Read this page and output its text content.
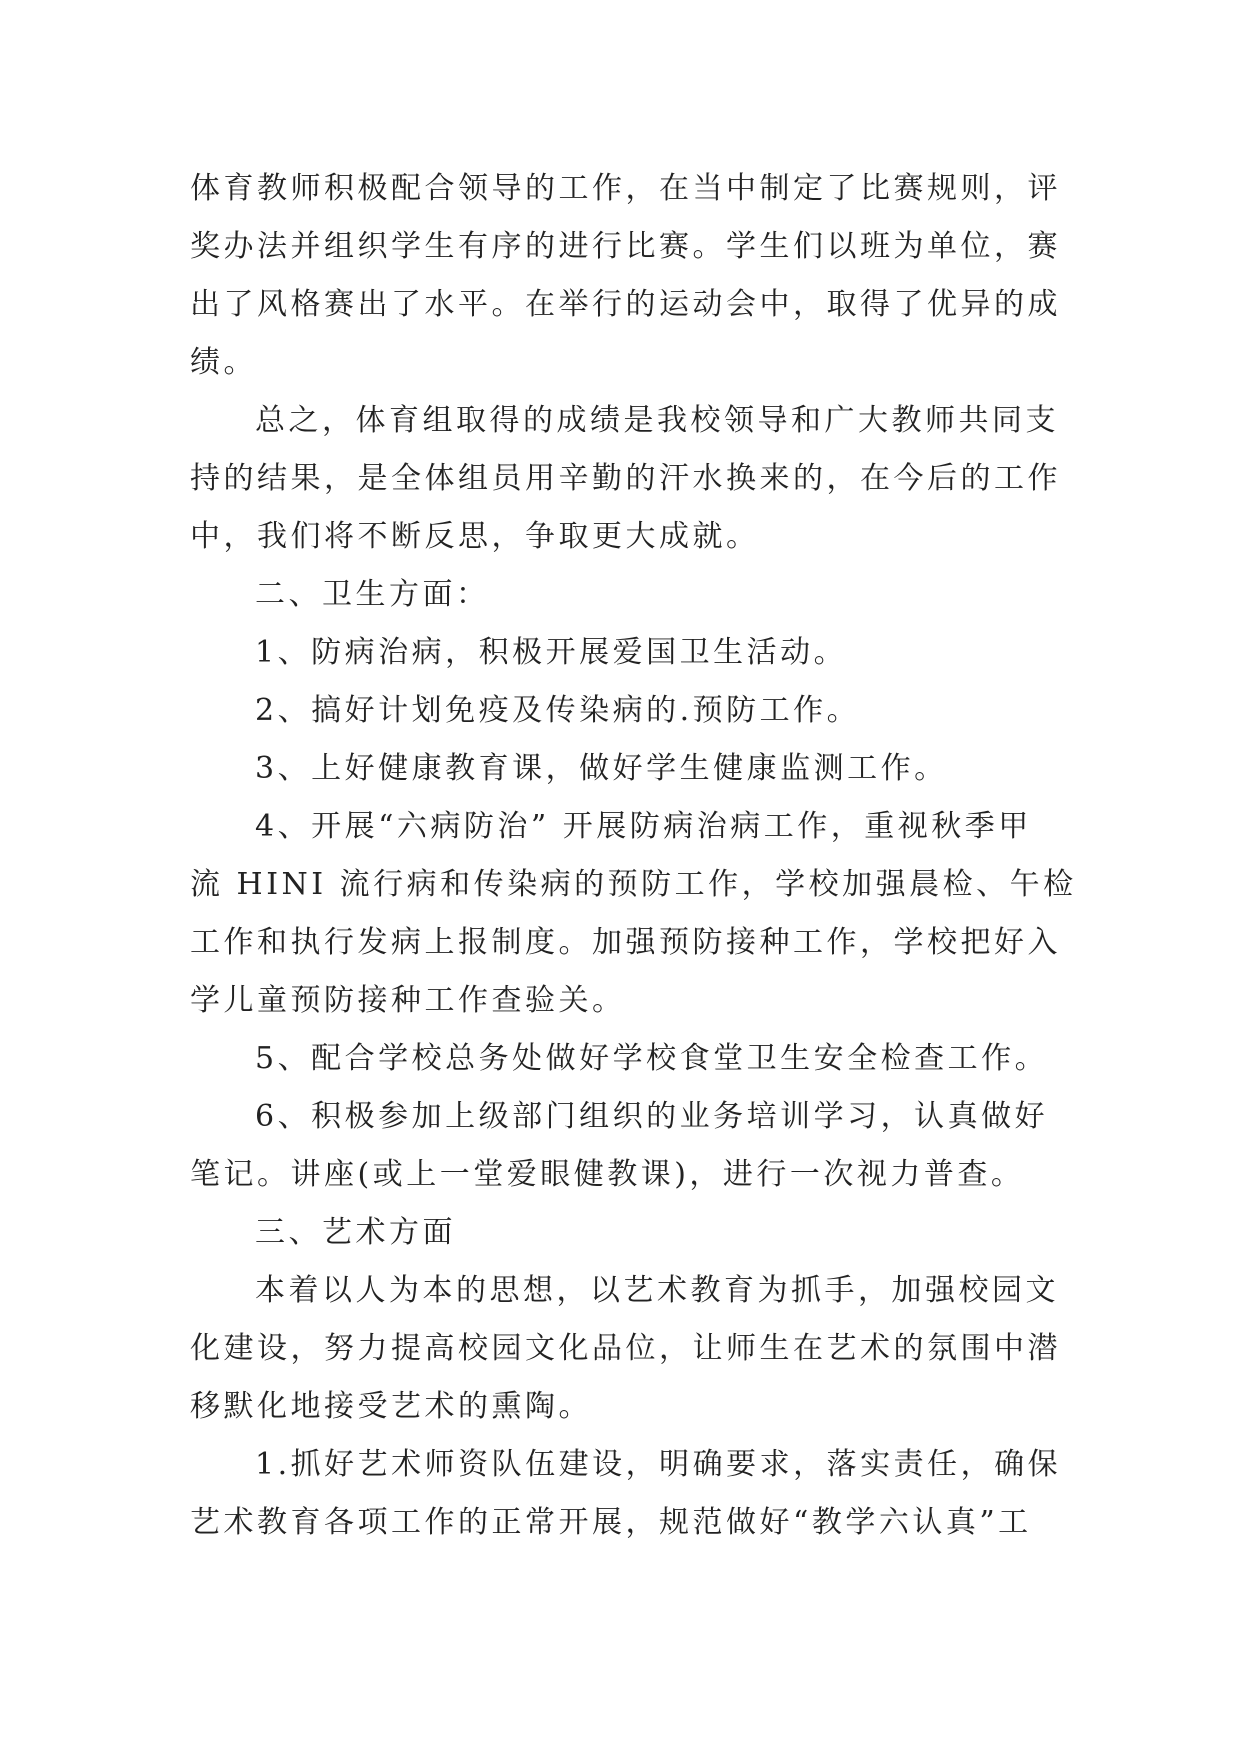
体育教师积极配合领导的工作，在当中制定了比赛规则，评
奖办法并组织学生有序的进行比赛。学生们以班为单位，赛
出了风格赛出了水平。在举行的运动会中，取得了优异的成
绩。
总之，体育组取得的成绩是我校领导和广大教师共同支
持的结果，是全体组员用辛勤的汗水换来的，在今后的工作
中，我们将不断反思，争取更大成就。
二、卫生方面：
1、防病治病，积极开展爱国卫生活动。
2、搞好计划免疫及传染病的.预防工作。
3、上好健康教育课，做好学生健康监测工作。
4、开展“六病防治” 开展防病治病工作，重视秋季甲
流 HINI 流行病和传染病的预防工作，学校加强晨检、午检
工作和执行发病上报制度。加强预防接种工作，学校把好入
学儿童预防接种工作查验关。
5、配合学校总务处做好学校食堂卫生安全检查工作。
6、积极参加上级部门组织的业务培训学习，认真做好
笔记。讲座(或上一堂爱眼健教课)，进行一次视力普查。
三、艺术方面
本着以人为本的思想，以艺术教育为抓手，加强校园文
化建设，努力提高校园文化品位，让师生在艺术的氛围中潜
移默化地接受艺术的熏陶。
1.抓好艺术师资队伍建设，明确要求，落实责任，确保
艺术教育各项工作的正常开展，规范做好“教学六认真”工
